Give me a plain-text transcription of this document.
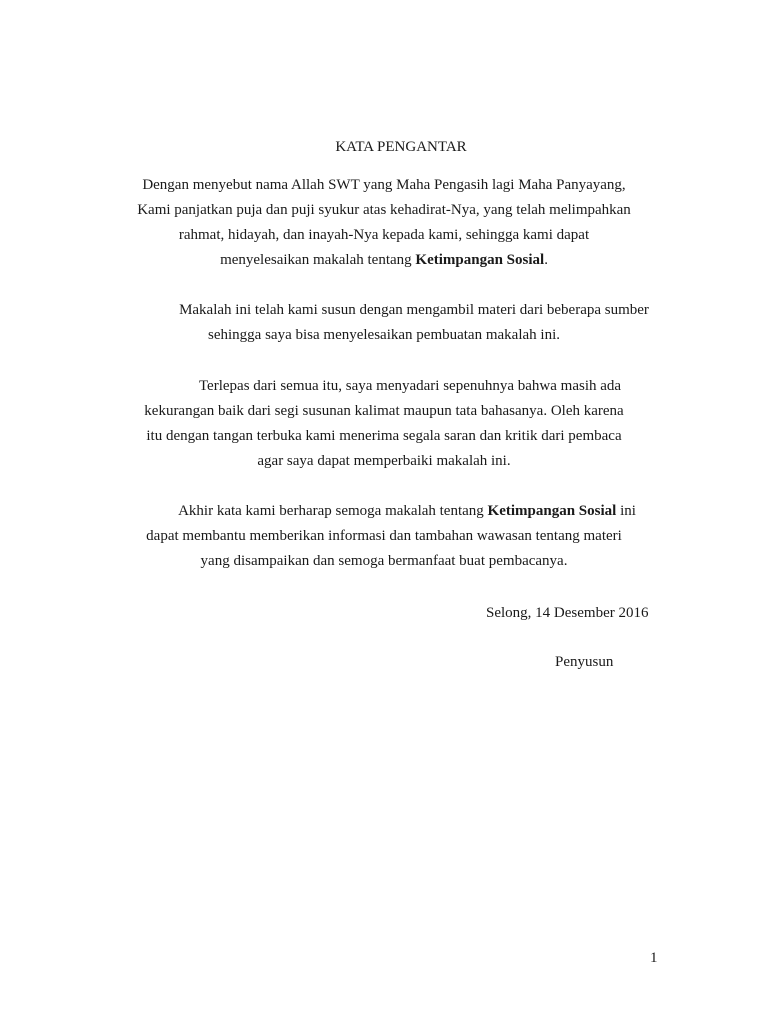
KATA PENGANTAR
Dengan menyebut nama Allah SWT yang Maha Pengasih lagi Maha Panyayang,
Kami panjatkan puja dan puji syukur atas kehadirat-Nya, yang telah melimpahkan
rahmat, hidayah, dan inayah-Nya kepada kami, sehingga kami dapat
menyelesaikan makalah tentang Ketimpangan Sosial.
Makalah ini telah kami susun dengan mengambil materi dari beberapa sumber
sehingga saya bisa menyelesaikan pembuatan makalah ini.
Terlepas dari semua itu, saya menyadari sepenuhnya bahwa masih ada
kekurangan baik dari segi susunan kalimat maupun tata bahasanya. Oleh karena
itu dengan tangan terbuka kami menerima segala saran dan kritik dari pembaca
agar saya dapat memperbaiki makalah ini.
Akhir kata kami berharap semoga makalah tentang Ketimpangan Sosial ini
dapat membantu memberikan informasi dan tambahan wawasan tentang materi
yang disampaikan dan semoga bermanfaat buat pembacanya.
Selong, 14 Desember 2016
Penyusun
1
